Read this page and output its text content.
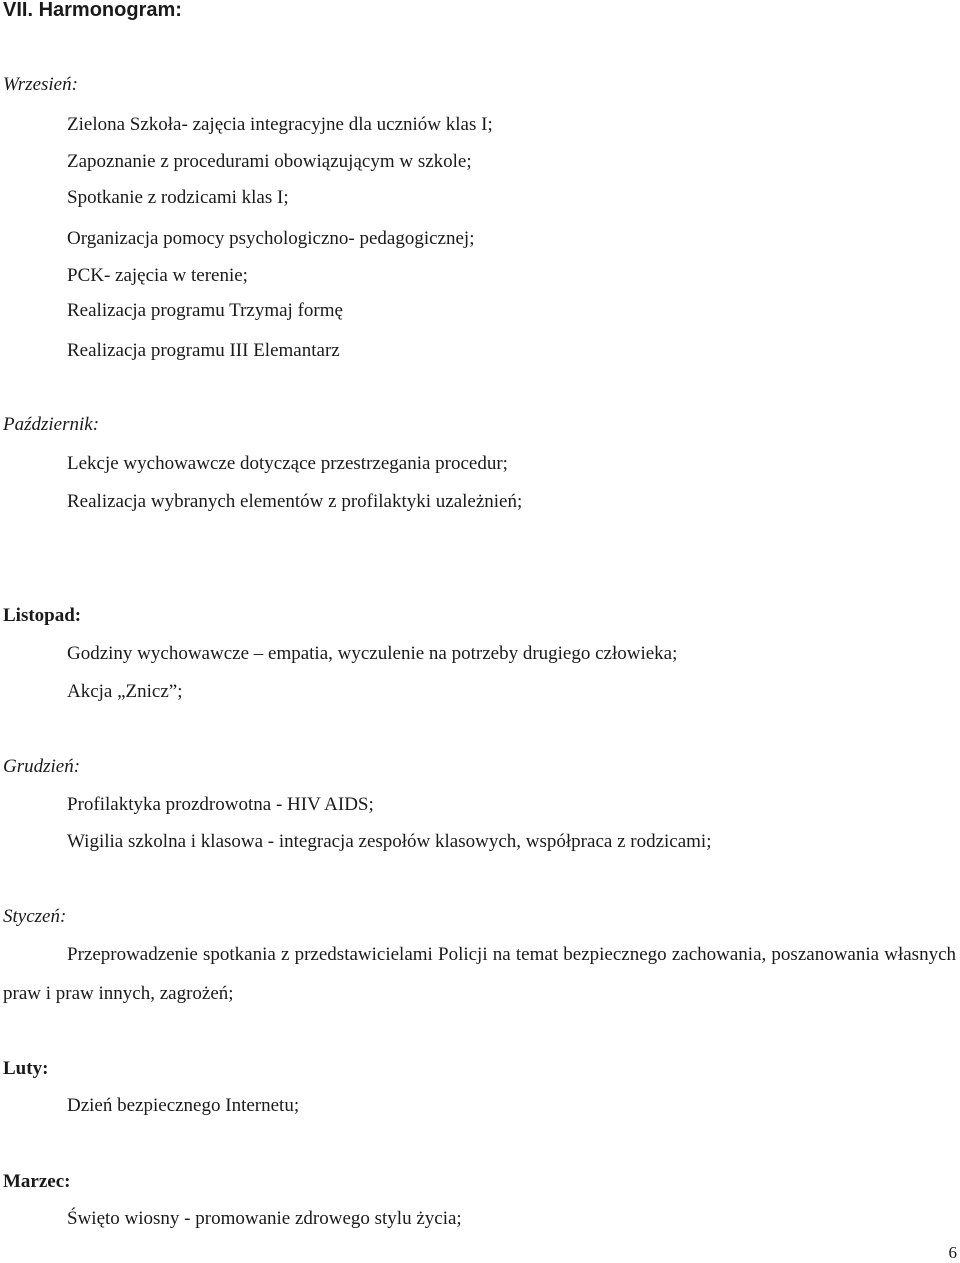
VII. Harmonogram:

Wrzesień:

Zielona Szkoła- zajęcia integracyjne dla uczniów klas I;

Zapoznanie z procedurami obowiązującym w szkole;

Spotkanie z rodzicami klas I;

Organizacja pomocy psychologiczno- pedagogicznej;

PCK- zajęcia w terenie;

Realizacja programu Trzymaj formę

Realizacja programu III Elemantarz

Październik:

Lekcje wychowawcze dotyczące przestrzegania procedur;

Realizacja wybranych elementów z profilaktyki uzależnień;

Listopad:

Godziny wychowawcze – empatia, wyczulenie na potrzeby drugiego człowieka;

Akcja „Znicz”;

Grudzień:

Profilaktyka prozdrowotna - HIV AIDS;

Wigilia szkolna i klasowa - integracja zespołów klasowych, współpraca z rodzicami;

Styczeń:

Przeprowadzenie spotkania z przedstawicielami Policji na temat bezpiecznego zachowania, poszanowania własnych praw i praw innych, zagrożeń;

Luty:

Dzień bezpiecznego Internetu;

Marzec:

Święto wiosny - promowanie zdrowego stylu życia;

6
